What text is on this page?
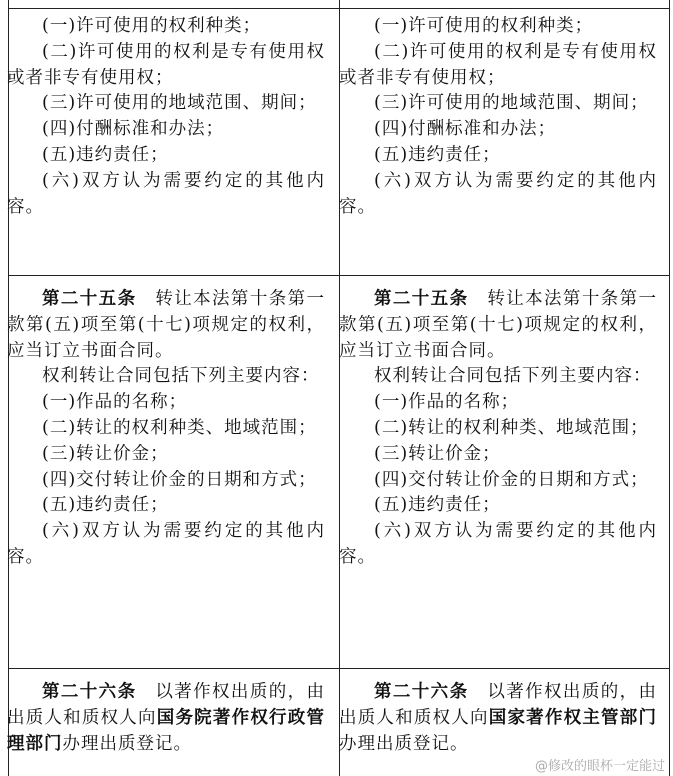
(一)许可使用的权利种类；

(二)许可使用的权利是专有使用权或者非专有使用权；

(三)许可使用的地域范围、期间；

(四)付酬标准和办法；

(五)违约责任；

(六)双方认为需要约定的其他内容。

(一)许可使用的权利种类；

(二)许可使用的权利是专有使用权或者非专有使用权；

(三)许可使用的地域范围、期间；

(四)付酬标准和办法；

(五)违约责任；

(六)双方认为需要约定的其他内容。

第二十五条　转让本法第十条第一款第(五)项至第(十七)项规定的权利，应当订立书面合同。

权利转让合同包括下列主要内容：

(一)作品的名称；

(二)转让的权利种类、地域范围；

(三)转让价金；

(四)交付转让价金的日期和方式；

(五)违约责任；

(六)双方认为需要约定的其他内容。

第二十五条　转让本法第十条第一款第(五)项至第(十七)项规定的权利，应当订立书面合同。

权利转让合同包括下列主要内容：

(一)作品的名称；

(二)转让的权利种类、地域范围；

(三)转让价金；

(四)交付转让价金的日期和方式；

(五)违约责任；

(六)双方认为需要约定的其他内容。

第二十六条　以著作权出质的，由出质人和质权人向国务院著作权行政管理部门办理出质登记。

第二十六条　以著作权出质的，由出质人和质权人向国家著作权主管部门办理出质登记。

@修改的眼杯一定能过
